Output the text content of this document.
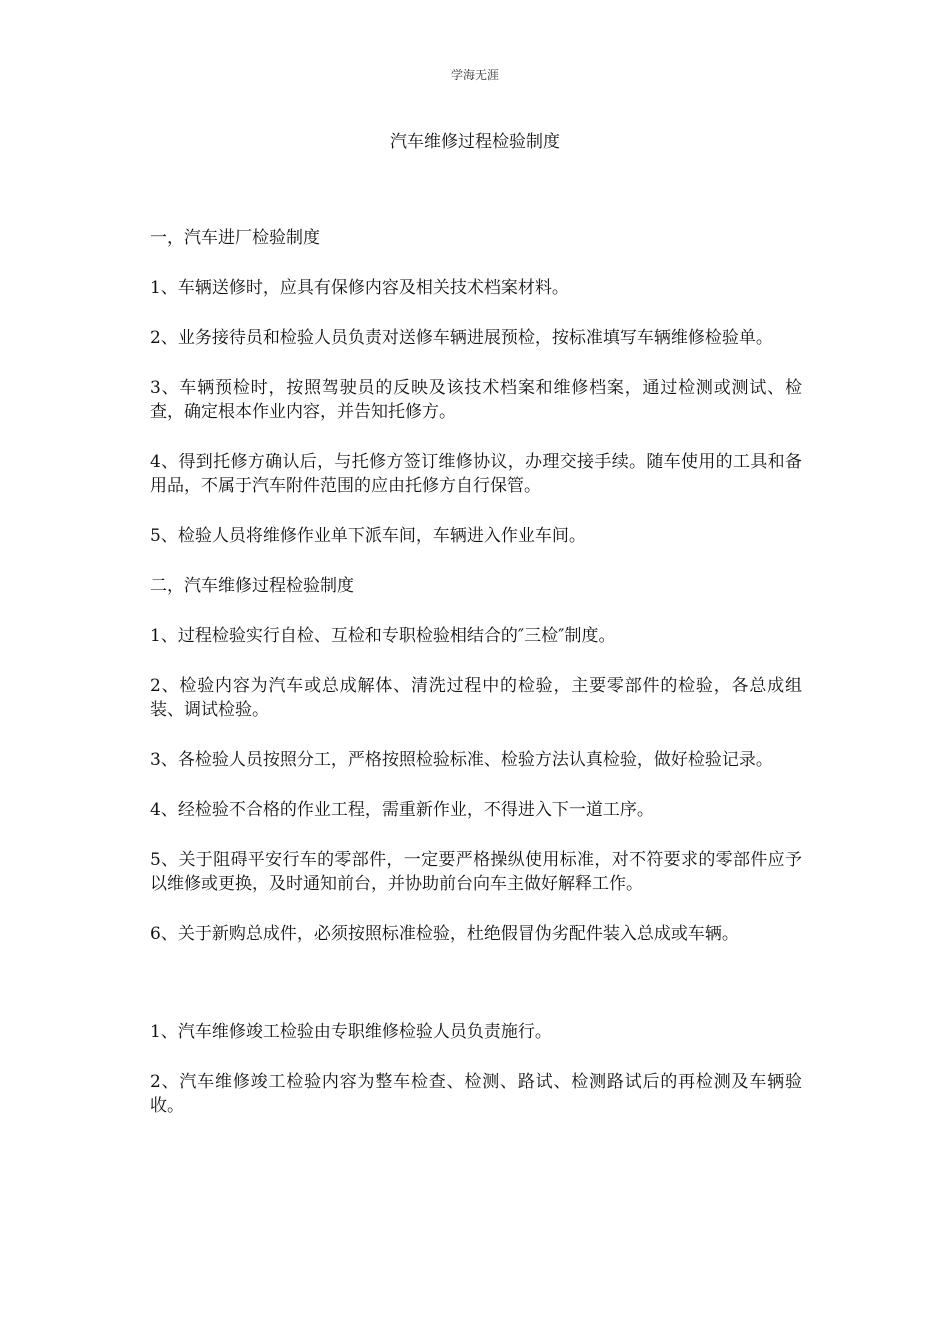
学海无涯
汽车维修过程检验制度
一，汽车进厂检验制度
1、车辆送修时，应具有保修内容及相关技术档案材料。
2、业务接待员和检验人员负责对送修车辆进展预检，按标准填写车辆维修检验单。
3、车辆预检时，按照驾驶员的反映及该技术档案和维修档案，通过检测或测试、检查，确定根本作业内容，并告知托修方。
4、得到托修方确认后，与托修方签订维修协议，办理交接手续。随车使用的工具和备用品，不属于汽车附件范围的应由托修方自行保管。
5、检验人员将维修作业单下派车间，车辆进入作业车间。
二，汽车维修过程检验制度
1、过程检验实行自检、互检和专职检验相结合的″三检″制度。
2、检验内容为汽车或总成解体、清洗过程中的检验，主要零部件的检验，各总成组装、调试检验。
3、各检验人员按照分工，严格按照检验标准、检验方法认真检验，做好检验记录。
4、经检验不合格的作业工程，需重新作业，不得进入下一道工序。
5、关于阻碍平安行车的零部件，一定要严格操纵使用标准，对不符要求的零部件应予以维修或更换，及时通知前台，并协助前台向车主做好解释工作。
6、关于新购总成件，必须按照标准检验，杜绝假冒伪劣配件装入总成或车辆。
1、汽车维修竣工检验由专职维修检验人员负责施行。
2、汽车维修竣工检验内容为整车检查、检测、路试、检测路试后的再检测及车辆验收。
